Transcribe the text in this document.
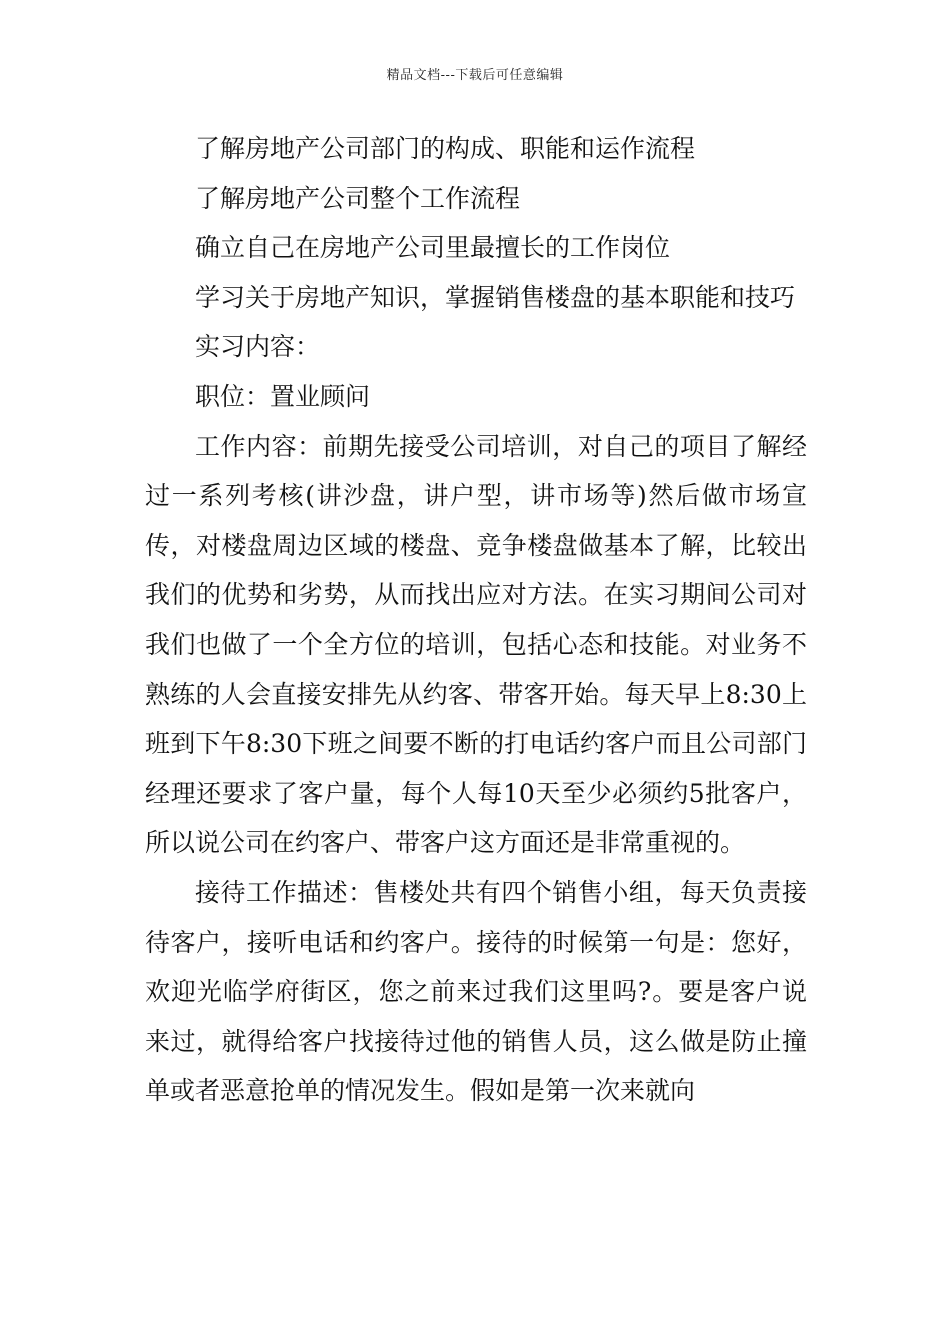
精品文档---下载后可任意编辑

了解房地产公司部门的构成、职能和运作流程

了解房地产公司整个工作流程

确立自己在房地产公司里最擅长的工作岗位

学习关于房地产知识，掌握销售楼盘的基本职能和技巧

实习内容：

职位：置业顾问

工作内容：前期先接受公司培训，对自己的项目了解经过一系列考核(讲沙盘，讲户型，讲市场等)然后做市场宣传，对楼盘周边区域的楼盘、竞争楼盘做基本了解，比较出我们的优势和劣势，从而找出应对方法。在实习期间公司对我们也做了一个全方位的培训，包括心态和技能。对业务不熟练的人会直接安排先从约客、带客开始。每天早上8:30上班到下午8:30下班之间要不断的打电话约客户而且公司部门经理还要求了客户量，每个人每10天至少必须约5批客户，所以说公司在约客户、带客户这方面还是非常重视的。

接待工作描述：售楼处共有四个销售小组，每天负责接待客户，接听电话和约客户。接待的时候第一句是：您好，欢迎光临学府街区，您之前来过我们这里吗?。要是客户说来过，就得给客户找接待过他的销售人员，这么做是防止撞单或者恶意抢单的情况发生。假如是第一次来就向
